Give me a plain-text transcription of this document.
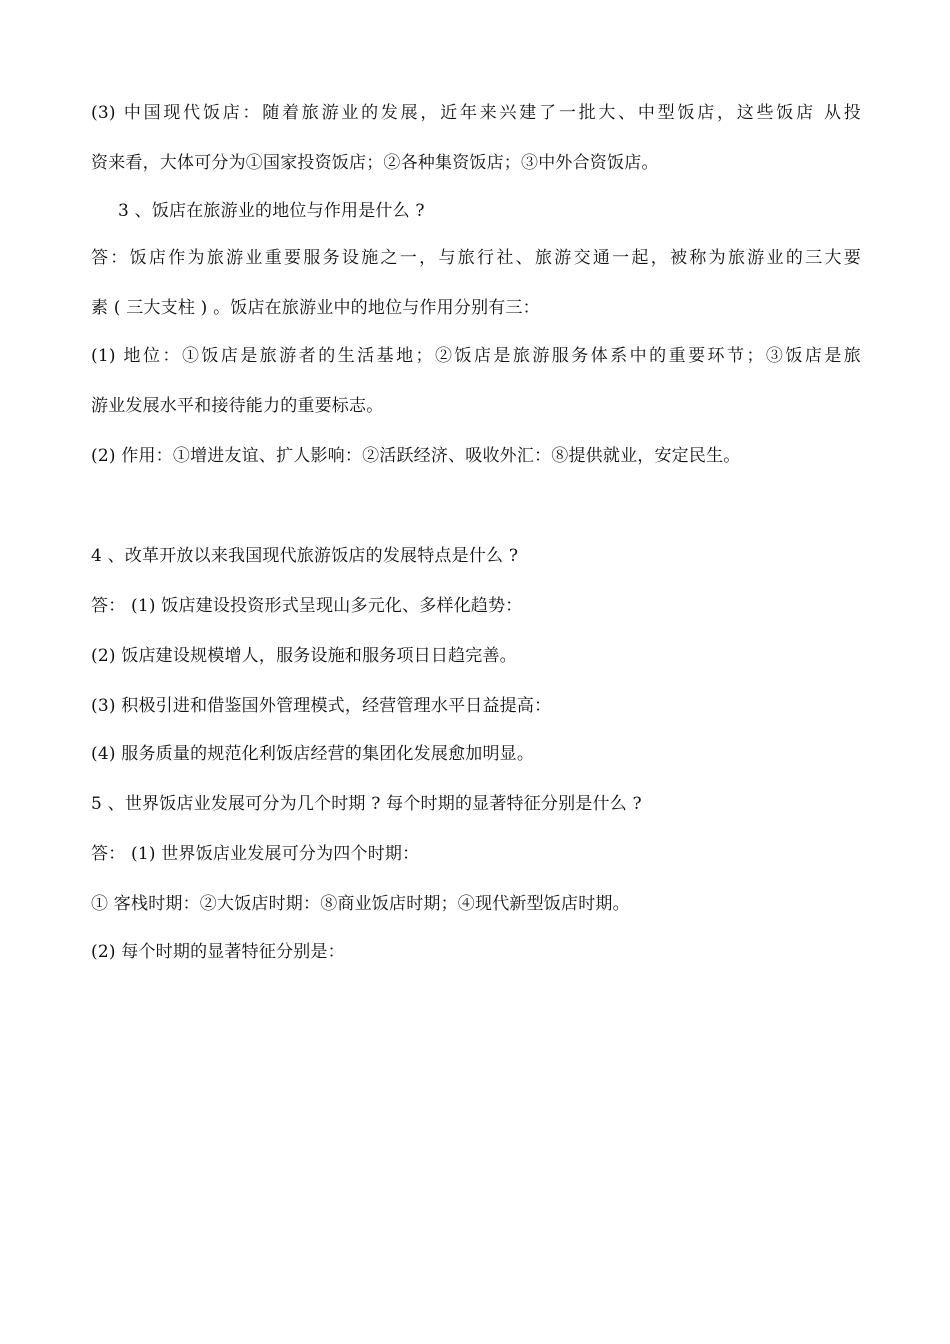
(3) 中国现代饭店：随着旅游业的发展，近年来兴建了一批大、中型饭店，这些饭店 从投
资来看，大体可分为①国家投资饭店；②各种集资饭店；③中外合资饭店。
3 、饭店在旅游业的地位与作用是什么 ?
答：饭店作为旅游业重要服务设施之一，与旅行社、旅游交通一起，被称为旅游业的三大要
素 ( 三大支柱 ) 。饭店在旅游业中的地位与作用分别有三：
(1) 地位：①饭店是旅游者的生活基地；②饭店是旅游服务体系中的重要环节；③饭店是旅
游业发展水平和接待能力的重要标志。
(2) 作用：①增进友谊、扩人影响：②活跃经济、吸收外汇：⑧提供就业，安定民生。
4 、改革开放以来我国现代旅游饭店的发展特点是什么 ?
答： (1) 饭店建设投资形式呈现山多元化、多样化趋势：
(2) 饭店建设规模增人，服务设施和服务项日日趋完善。
(3) 积极引进和借鉴国外管理模式，经营管理水平日益提高：
(4) 服务质量的规范化利饭店经营的集团化发展愈加明显。
5 、世界饭店业发展可分为几个时期 ? 每个时期的显著特征分别是什么 ?
答： (1) 世界饭店业发展可分为四个时期：
① 客栈时期：②大饭店时期：⑧商业饭店时期；④现代新型饭店时期。
(2) 每个时期的显著特征分别是：
